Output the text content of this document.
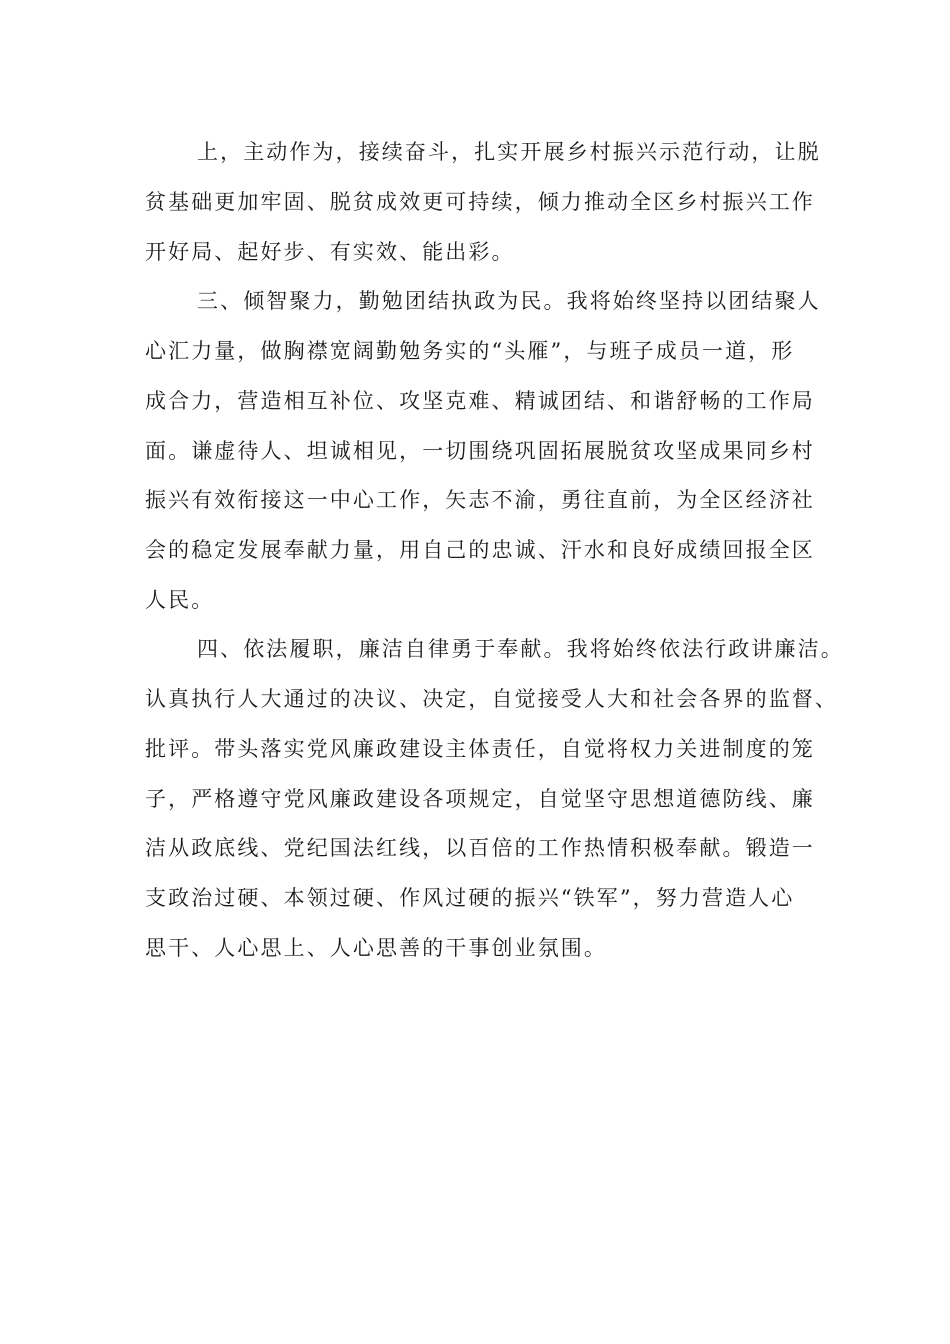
上，主动作为，接续奋斗，扎实开展乡村振兴示范行动，让脱
贫基础更加牢固、脱贫成效更可持续，倾力推动全区乡村振兴工作
开好局、起好步、有实效、能出彩。
三、倾智聚力，勤勉团结执政为民。我将始终坚持以团结聚人
心汇力量，做胸襟宽阔勤勉务实的“头雁”，与班子成员一道，形
成合力，营造相互补位、攻坚克难、精诚团结、和谐舒畅的工作局
面。谦虚待人、坦诚相见，一切围绕巩固拓展脱贫攻坚成果同乡村
振兴有效衔接这一中心工作，矢志不渝，勇往直前，为全区经济社
会的稳定发展奉献力量，用自己的忠诚、汗水和良好成绩回报全区
人民。
四、依法履职，廉洁自律勇于奉献。我将始终依法行政讲廉洁。
认真执行人大通过的决议、决定，自觉接受人大和社会各界的监督、
批评。带头落实党风廉政建设主体责任，自觉将权力关进制度的笼
子，严格遵守党风廉政建设各项规定，自觉坚守思想道德防线、廉
洁从政底线、党纪国法红线，以百倍的工作热情积极奉献。锻造一
支政治过硬、本领过硬、作风过硬的振兴“铁军”，努力营造人心
思干、人心思上、人心思善的干事创业氛围。
